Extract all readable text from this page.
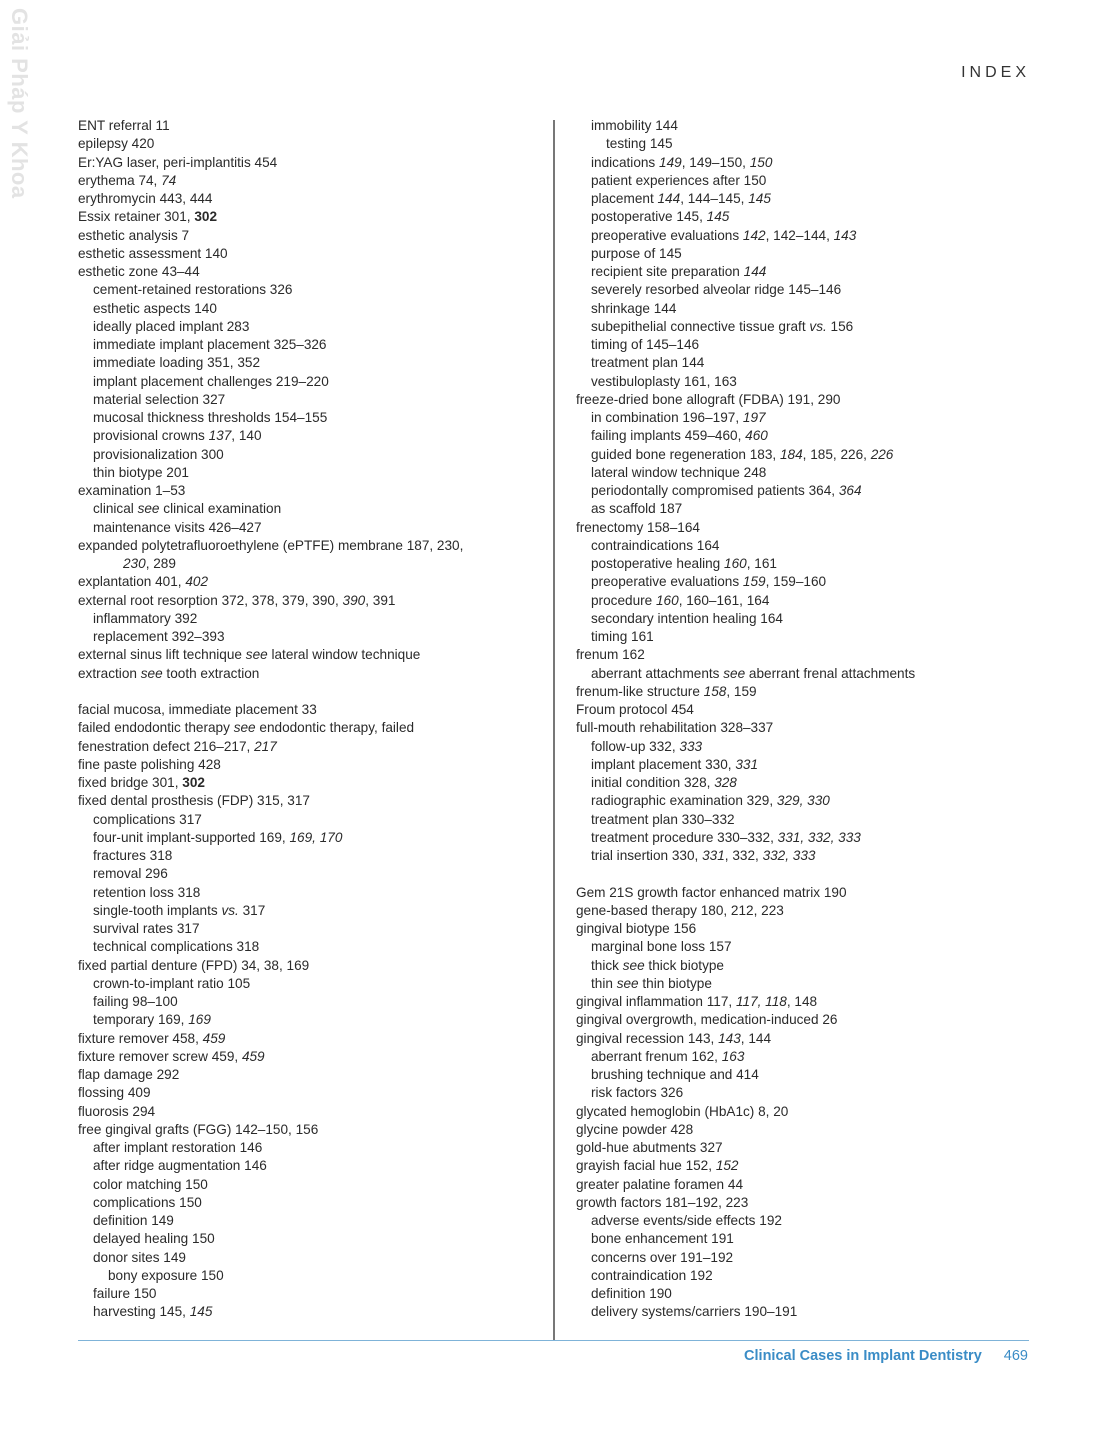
Giải Pháp Y Khoa	INDEX
ENT referral 11
epilepsy 420
Er:YAG laser, peri-implantitis 454
erythema 74, 74
erythromycin 443, 444
Essix retainer 301, 302
esthetic analysis 7
esthetic assessment 140
esthetic zone 43–44
cement-retained restorations 326
esthetic aspects 140
ideally placed implant 283
immediate implant placement 325–326
immediate loading 351, 352
implant placement challenges 219–220
material selection 327
mucosal thickness thresholds 154–155
provisional crowns 137, 140
provisionalization 300
thin biotype 201
examination 1–53
clinical see clinical examination
maintenance visits 426–427
expanded polytetrafluoroethylene (ePTFE) membrane 187, 230,
230, 289
explantation 401, 402
external root resorption 372, 378, 379, 390, 390, 391
inflammatory 392
replacement 392–393
external sinus lift technique see lateral window technique
extraction see tooth extraction
facial mucosa, immediate placement 33
failed endodontic therapy see endodontic therapy, failed
fenestration defect 216–217, 217
fine paste polishing 428
fixed bridge 301, 302
fixed dental prosthesis (FDP) 315, 317
complications 317
four-unit implant-supported 169, 169, 170
fractures 318
removal 296
retention loss 318
single-tooth implants vs. 317
survival rates 317
technical complications 318
fixed partial denture (FPD) 34, 38, 169
crown-to-implant ratio 105
failing 98–100
temporary 169, 169
fixture remover 458, 459
fixture remover screw 459, 459
flap damage 292
flossing 409
fluorosis 294
free gingival grafts (FGG) 142–150, 156
after implant restoration 146
after ridge augmentation 146
color matching 150
complications 150
definition 149
delayed healing 150
donor sites 149
bony exposure 150
failure 150
harvesting 145, 145
immobility 144
testing 145
indications 149, 149–150, 150
patient experiences after 150
placement 144, 144–145, 145
postoperative 145, 145
preoperative evaluations 142, 142–144, 143
purpose of 145
recipient site preparation 144
severely resorbed alveolar ridge 145–146
shrinkage 144
subepithelial connective tissue graft vs. 156
timing of 145–146
treatment plan 144
vestibuloplasty 161, 163
freeze-dried bone allograft (FDBA) 191, 290
in combination 196–197, 197
failing implants 459–460, 460
guided bone regeneration 183, 184, 185, 226, 226
lateral window technique 248
periodontally compromised patients 364, 364
as scaffold 187
frenectomy 158–164
contraindications 164
postoperative healing 160, 161
preoperative evaluations 159, 159–160
procedure 160, 160–161, 164
secondary intention healing 164
timing 161
frenum 162
aberrant attachments see aberrant frenal attachments
frenum-like structure 158, 159
Froum protocol 454
full-mouth rehabilitation 328–337
follow-up 332, 333
implant placement 330, 331
initial condition 328, 328
radiographic examination 329, 329, 330
treatment plan 330–332
treatment procedure 330–332, 331, 332, 333
trial insertion 330, 331, 332, 332, 333
Gem 21S growth factor enhanced matrix 190
gene-based therapy 180, 212, 223
gingival biotype 156
marginal bone loss 157
thick see thick biotype
thin see thin biotype
gingival inflammation 117, 117, 118, 148
gingival overgrowth, medication-induced 26
gingival recession 143, 143, 144
aberrant frenum 162, 163
brushing technique and 414
risk factors 326
glycated hemoglobin (HbA1c) 8, 20
glycine powder 428
gold-hue abutments 327
grayish facial hue 152, 152
greater palatine foramen 44
growth factors 181–192, 223
adverse events/side effects 192
bone enhancement 191
concerns over 191–192
contraindication 192
definition 190
delivery systems/carriers 190–191
Clinical Cases in Implant Dentistry 469
